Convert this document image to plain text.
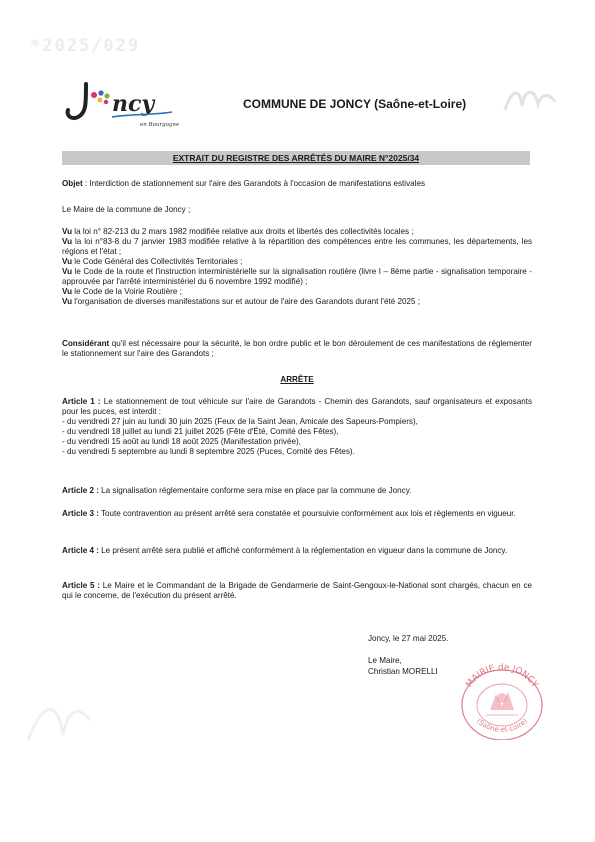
*2025/029
ncy
en Bourgogne
COMMUNE DE JONCY (Saône-et-Loire)
EXTRAIT DU REGISTRE DES ARRÊTÉS DU MAIRE N°2025/34
Objet : Interdiction de stationnement sur l'aire des Garandots à l'occasion de manifestations estivales
Le Maire de la commune de Joncy ;
Vu la loi n° 82-213 du 2 mars 1982 modifiée relative aux droits et libertés des collectivités locales ;
Vu la loi n°83-8 du 7 janvier 1983 modifiée relative à la répartition des compétences entre les communes, les départements, les régions et l'état ;
Vu le Code Général des Collectivités Territoriales ;
Vu le Code de la route et l'instruction interministérielle sur la signalisation routière (livre I – 8ème partie - signalisation temporaire - approuvée par l'arrêté interministériel du 6 novembre 1992 modifié) ;
Vu le Code de la Voirie Routière ;
Vu l'organisation de diverses manifestations sur et autour de l'aire des Garandots durant l'été 2025 ;
Considérant qu'il est nécessaire pour la sécurité, le bon ordre public et le bon déroulement de ces manifestations de réglementer le stationnement sur l'aire des Garandots ;
ARRÊTE
Article 1 : Le stationnement de tout véhicule sur l'aire de Garandots - Chemin des Garandots, sauf organisateurs et exposants pour les puces, est interdit :
- du vendredi 27 juin au lundi 30 juin 2025 (Feux de la Saint Jean, Amicale des Sapeurs-Pompiers),
- du vendredi 18 juillet au lundi 21 juillet 2025 (Fête d'Été, Comité des Fêtes),
- du vendredi 15 août au lundi 18 août 2025 (Manifestation privée),
- du vendredi 5 septembre au lundi 8 septembre 2025 (Puces, Comité des Fêtes).
Article 2 : La signalisation réglementaire conforme sera mise en place par la commune de Joncy.
Article 3 : Toute contravention au présent arrêté sera constatée et poursuivie conformément aux lois et règlements en vigueur.
Article 4 : Le présent arrêté sera publié et affiché conformément à la réglementation en vigueur dans la commune de Joncy.
Article 5 : Le Maire et le Commandant de la Brigade de Gendarmerie de Saint-Gengoux-le-National sont chargés, chacun en ce qui le concerne, de l'exécution du présent arrêté.
Joncy, le 27 mai 2025.
Le Maire,
Christian MORELLI
MAIRIE de JONCY
(Saône-et-Loire)
